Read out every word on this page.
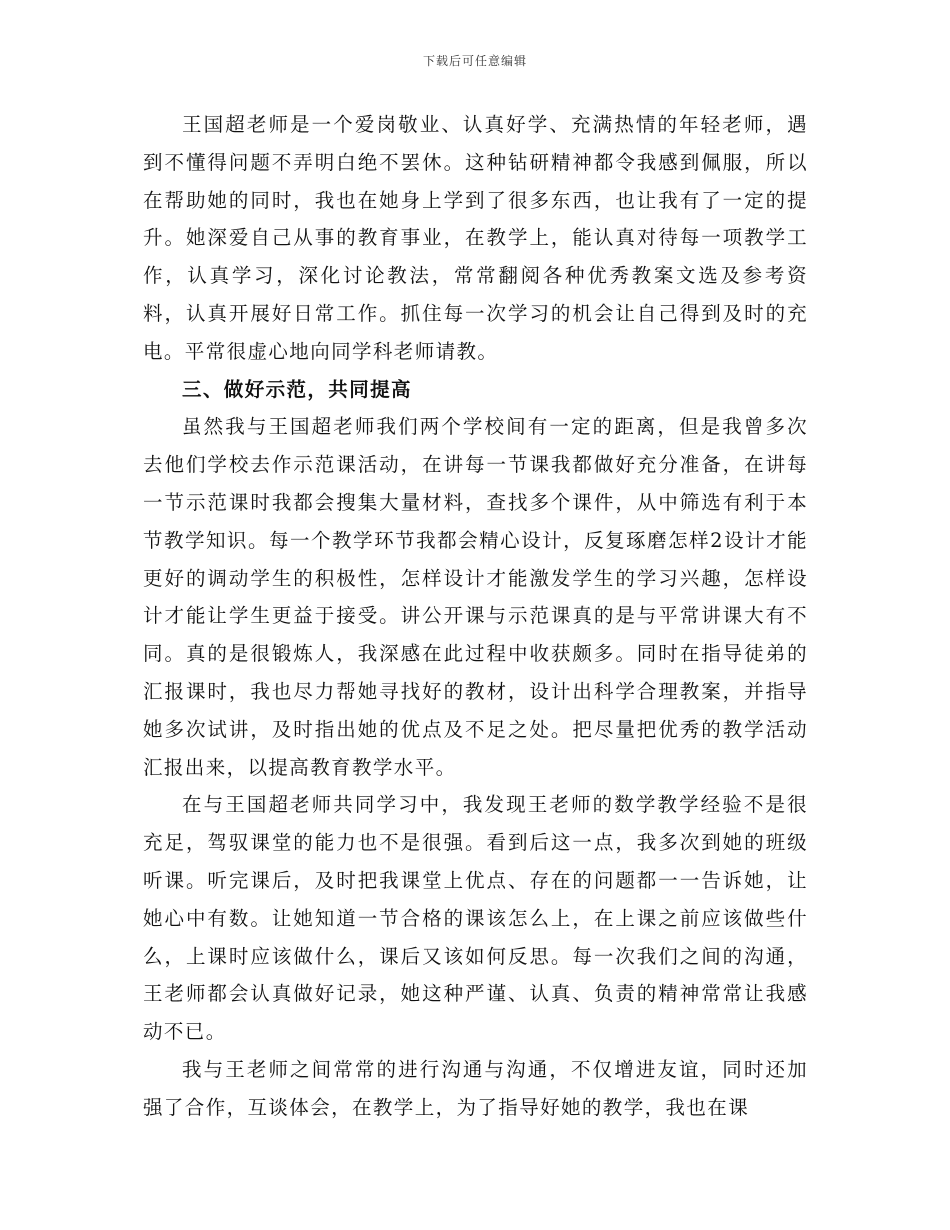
下载后可任意编辑

王国超老师是一个爱岗敬业、认真好学、充满热情的年轻老师，遇到不懂得问题不弄明白绝不罢休。这种钻研精神都令我感到佩服，所以在帮助她的同时，我也在她身上学到了很多东西，也让我有了一定的提升。她深爱自己从事的教育事业，在教学上，能认真对待每一项教学工作，认真学习，深化讨论教法，常常翻阅各种优秀教案文选及参考资料，认真开展好日常工作。抓住每一次学习的机会让自己得到及时的充电。平常很虚心地向同学科老师请教。

三、做好示范，共同提高

虽然我与王国超老师我们两个学校间有一定的距离，但是我曾多次去他们学校去作示范课活动，在讲每一节课我都做好充分准备，在讲每一节示范课时我都会搜集大量材料，查找多个课件，从中筛选有利于本节教学知识。每一个教学环节我都会精心设计，反复琢磨怎样2设计才能更好的调动学生的积极性，怎样设计才能激发学生的学习兴趣，怎样设计才能让学生更益于接受。讲公开课与示范课真的是与平常讲课大有不同。真的是很锻炼人，我深感在此过程中收获颇多。同时在指导徒弟的汇报课时，我也尽力帮她寻找好的教材，设计出科学合理教案，并指导她多次试讲，及时指出她的优点及不足之处。把尽量把优秀的教学活动汇报出来，以提高教育教学水平。

在与王国超老师共同学习中，我发现王老师的数学教学经验不是很充足，驾驭课堂的能力也不是很强。看到后这一点，我多次到她的班级听课。听完课后，及时把我课堂上优点、存在的问题都一一告诉她，让她心中有数。让她知道一节合格的课该怎么上，在上课之前应该做些什么，上课时应该做什么，课后又该如何反思。每一次我们之间的沟通，王老师都会认真做好记录，她这种严谨、认真、负责的精神常常让我感动不已。

我与王老师之间常常的进行沟通与沟通，不仅增进友谊，同时还加强了合作，互谈体会，在教学上，为了指导好她的教学，我也在课
